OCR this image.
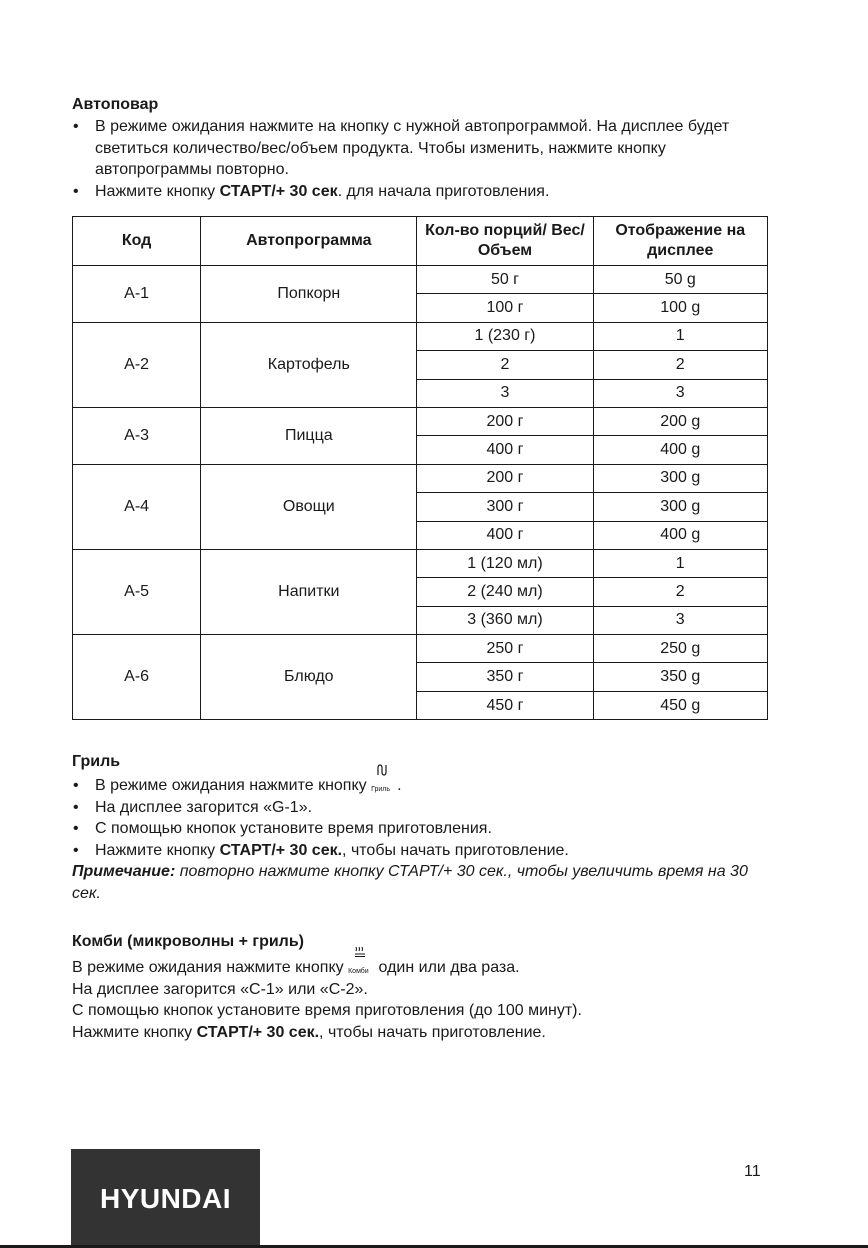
Автоповар

• В режиме ожидания нажмите на кнопку с нужной автопрограммой. На дисплее будет светиться количество/вес/объем продукта. Чтобы изменить, нажмите кнопку автопрограммы повторно.
• Нажмите кнопку СТАРТ/+ 30 сек. для начала приготовления.
Код	Автопрограмма	Кол-во порций/ Вес/Объем	Отображение на дисплее
А-1	Попкорн	50 г	50 g
		100 г	100 g
А-2	Картофель	1 (230 г)	1
		2	2
		3	3
А-3	Пицца	200 г	200 g
		400 г	400 g
А-4	Овощи	200 г	300 g
		300 г	300 g
		400 г	400 g
А-5	Напитки	1 (120 мл)	1
		2 (240 мл)	2
		3 (360 мл)	3
А-6	Блюдо	250 г	250 g
		350 г	350 g
		450 г	450 g

Гриль

• В режиме ожидания нажмите кнопку Гриль .
• На дисплее загорится «G-1».
• С помощью кнопок установите время приготовления.
• Нажмите кнопку СТАРТ/+ 30 сек., чтобы начать приготовление.

Примечание: повторно нажмите кнопку СТАРТ/+ 30 сек., чтобы увеличить время на 30 сек.

Комби (микроволны + гриль)

В режиме ожидания нажмите кнопку Комби один или два раза.

На дисплее загорится «С-1» или «С-2».

С помощью кнопок установите время приготовления (до 100 минут).

Нажмите кнопку СТАРТ/+ 30 сек., чтобы начать приготовление.

HYUNDAI
11
